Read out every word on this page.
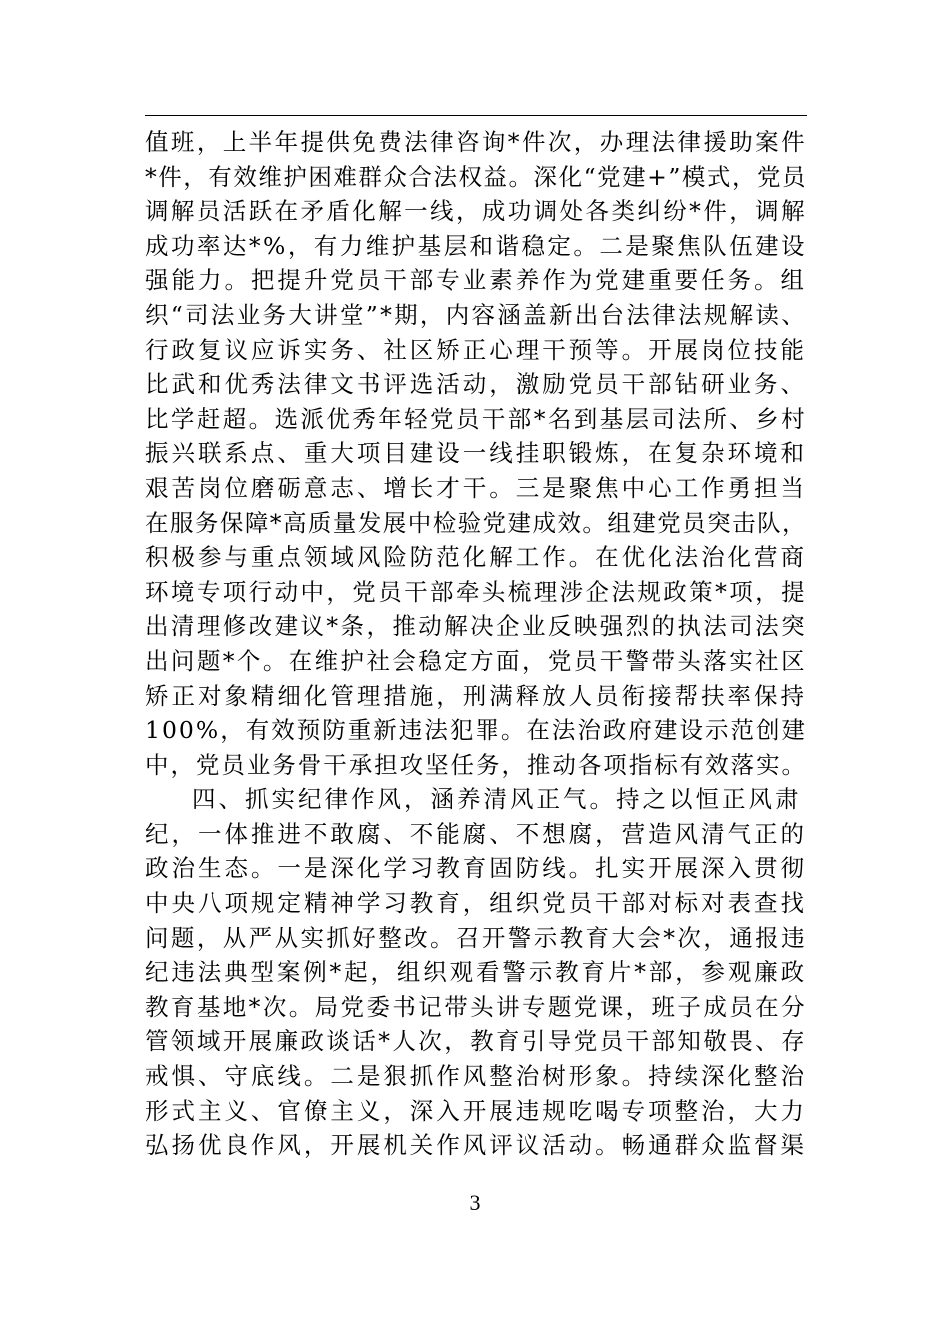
值班，上半年提供免费法律咨询*件次，办理法律援助案件
*件，有效维护困难群众合法权益。深化“党建+”模式，党员
调解员活跃在矛盾化解一线，成功调处各类纠纷*件，调解
成功率达*%，有力维护基层和谐稳定。二是聚焦队伍建设
强能力。把提升党员干部专业素养作为党建重要任务。组
织“司法业务大讲堂”*期，内容涵盖新出台法律法规解读、
行政复议应诉实务、社区矫正心理干预等。开展岗位技能
比武和优秀法律文书评选活动，激励党员干部钻研业务、
比学赶超。选派优秀年轻党员干部*名到基层司法所、乡村
振兴联系点、重大项目建设一线挂职锻炼，在复杂环境和
艰苦岗位磨砺意志、增长才干。三是聚焦中心工作勇担当
在服务保障*高质量发展中检验党建成效。组建党员突击队，
积极参与重点领域风险防范化解工作。在优化法治化营商
环境专项行动中，党员干部牵头梳理涉企法规政策*项，提
出清理修改建议*条，推动解决企业反映强烈的执法司法突
出问题*个。在维护社会稳定方面，党员干警带头落实社区
矫正对象精细化管理措施，刑满释放人员衔接帮扶率保持
100%，有效预防重新违法犯罪。在法治政府建设示范创建
中，党员业务骨干承担攻坚任务，推动各项指标有效落实。
四、抓实纪律作风，涵养清风正气。持之以恒正风肃
纪，一体推进不敢腐、不能腐、不想腐，营造风清气正的
政治生态。一是深化学习教育固防线。扎实开展深入贯彻
中央八项规定精神学习教育，组织党员干部对标对表查找
问题，从严从实抓好整改。召开警示教育大会*次，通报违
纪违法典型案例*起，组织观看警示教育片*部，参观廉政
教育基地*次。局党委书记带头讲专题党课，班子成员在分
管领域开展廉政谈话*人次，教育引导党员干部知敬畏、存
戒惧、守底线。二是狠抓作风整治树形象。持续深化整治
形式主义、官僚主义，深入开展违规吃喝专项整治，大力
弘扬优良作风，开展机关作风评议活动。畅通群众监督渠
3
